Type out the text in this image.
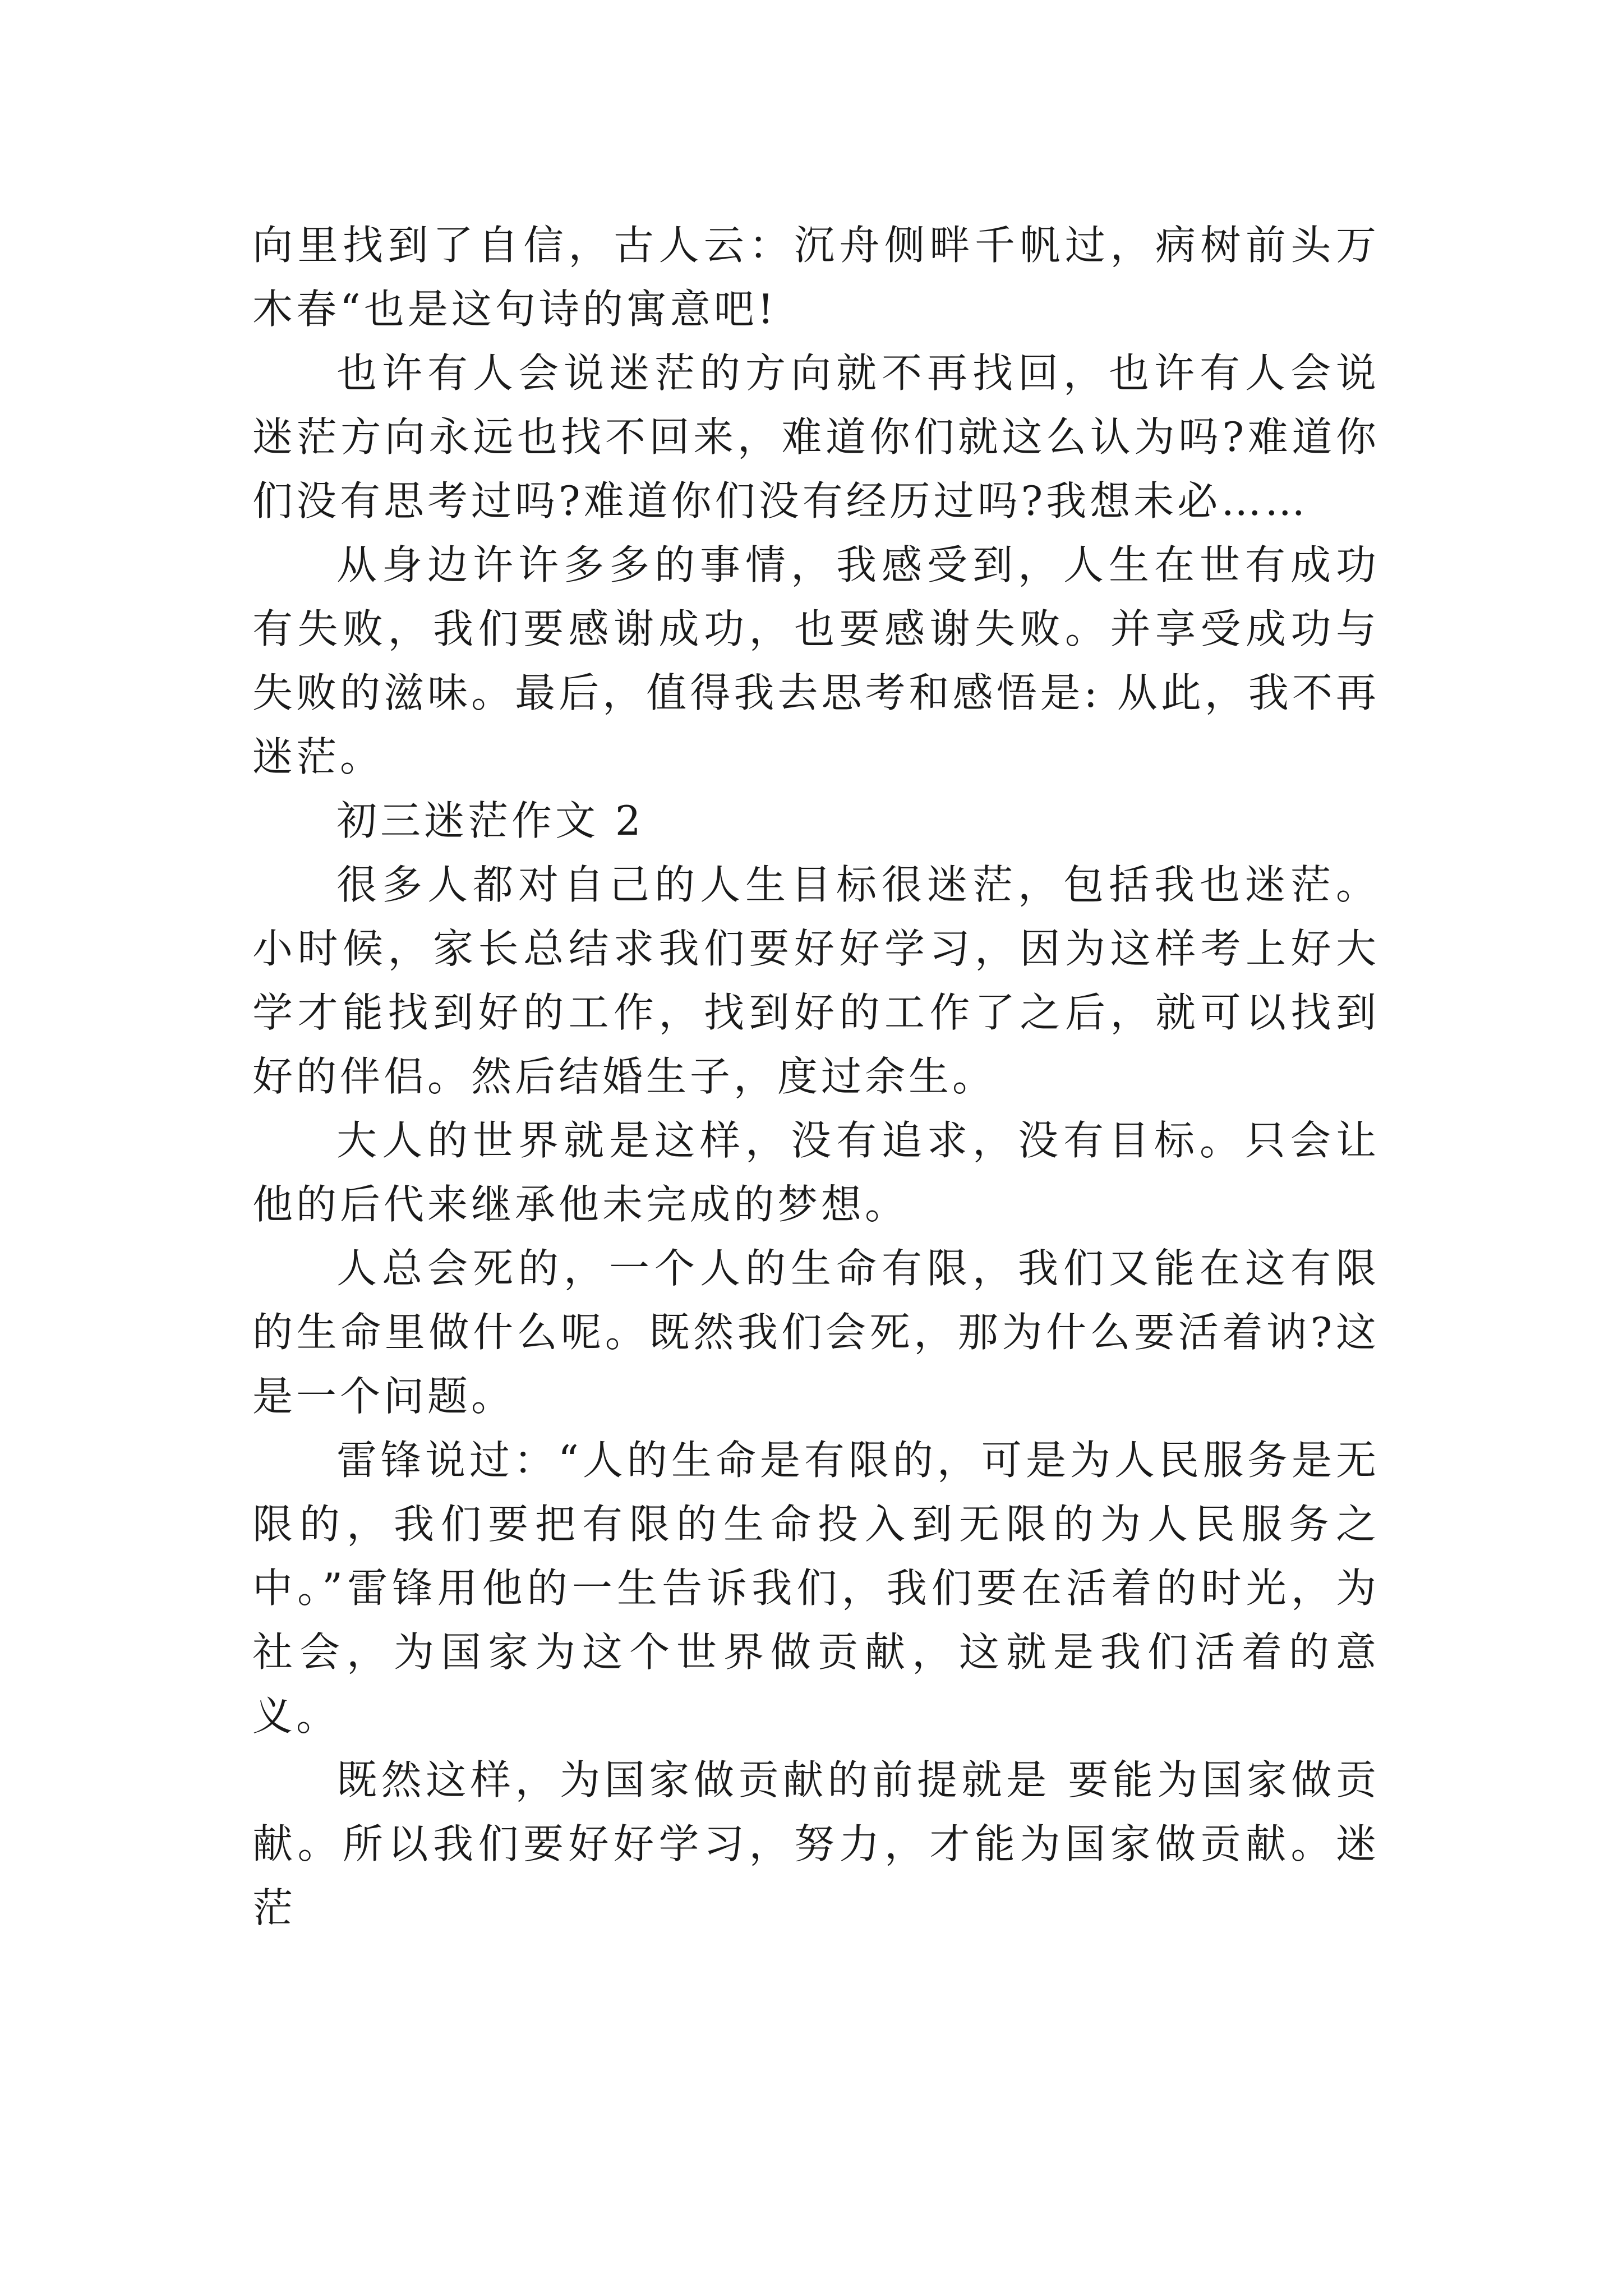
向里找到了自信，古人云：沉舟侧畔千帆过，病树前头万木春“也是这句诗的寓意吧!

也许有人会说迷茫的方向就不再找回，也许有人会说迷茫方向永远也找不回来，难道你们就这么认为吗?难道你们没有思考过吗?难道你们没有经历过吗?我想未必……

从身边许许多多的事情，我感受到，人生在世有成功有失败，我们要感谢成功，也要感谢失败。并享受成功与失败的滋味。最后，值得我去思考和感悟是: 从此，我不再迷茫。

初三迷茫作文 2

很多人都对自己的人生目标很迷茫，包括我也迷茫。小时候，家长总结求我们要好好学习，因为这样考上好大学才能找到好的工作，找到好的工作了之后，就可以找到好的伴侣。然后结婚生子，度过余生。

大人的世界就是这样，没有追求，没有目标。只会让他的后代来继承他未完成的梦想。

人总会死的，一个人的生命有限，我们又能在这有限的生命里做什么呢。既然我们会死，那为什么要活着讷?这是一个问题。

雷锋说过：“人的生命是有限的，可是为人民服务是无限的，我们要把有限的生命投入到无限的为人民服务之中。”雷锋用他的一生告诉我们，我们要在活着的时光，为社会，为国家为这个世界做贡献，这就是我们活着的意义。

既然这样，为国家做贡献的前提就是 要能为国家做贡献。所以我们要好好学习，努力，才能为国家做贡献。迷茫
